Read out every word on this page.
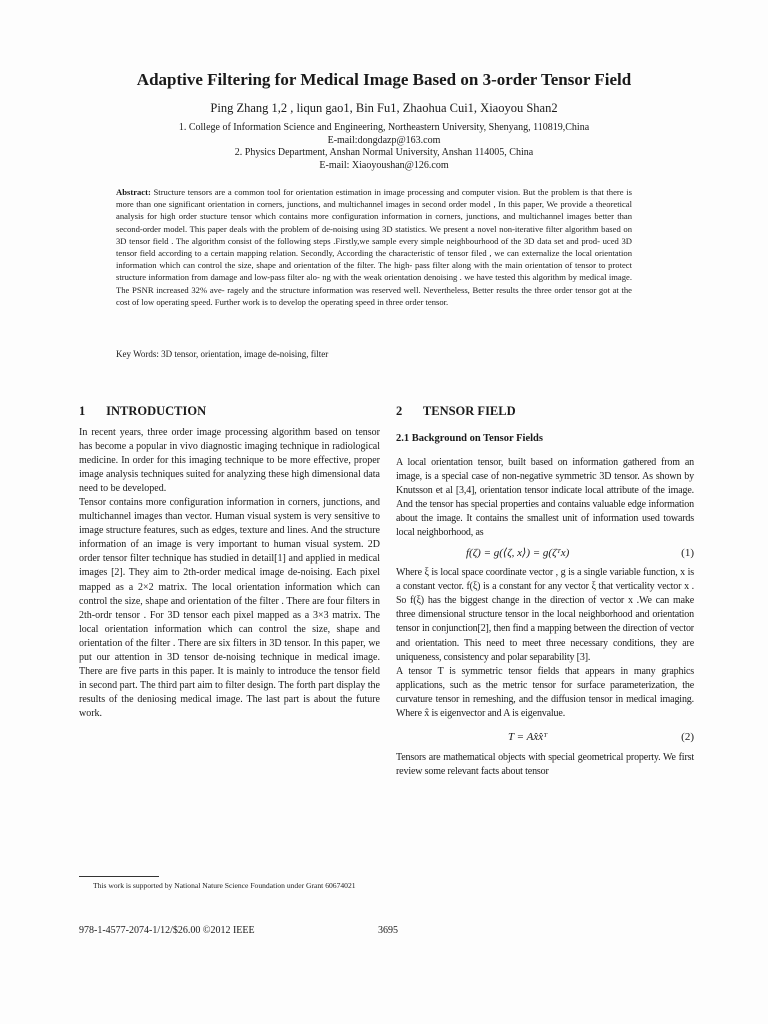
Adaptive Filtering for Medical Image Based on 3-order Tensor Field
Ping Zhang 1,2 , liqun gao1, Bin Fu1, Zhaohua Cui1, Xiaoyou Shan2
1. College of Information Science and Engineering, Northeastern University, Shenyang, 110819,China
E-mail:dongdazp@163.com
2. Physics Department, Anshan Normal University, Anshan 114005, China
E-mail: Xiaoyoushan@126.com
Abstract: Structure tensors are a common tool for orientation estimation in image processing and computer vision. But the problem is that there is more than one significant orientation in corners, junctions, and multichannel images in second order model , In this paper, We provide a theoretical analysis for high order stucture tensor which contains more configuration information in corners, junctions, and multichannel images better than second-order model. This paper deals with the problem of de-noising using 3D statistics. We present a novel non-iterative filter algorithm based on 3D tensor field . The algorithm consist of the following steps .Firstly,we sample every simple neighbourhood of the 3D data set and prod- uced 3D tensor field according to a certain mapping relation. Secondly, According the characteristic of tensor filed , we can externalize the local orientation information which can control the size, shape and orientation of the filter. The high- pass filter along with the main orientation of tensor to protect structure information from damage and low-pass filter alo- ng with the weak orientation denoising . we have tested this algorithm by medical image. The PSNR increased 32% ave- ragely and the structure information was reserved well. Nevertheless, Better results the three order tensor got at the cost of low operating speed. Further work is to develop the operating speed in three order tensor.
Key Words: 3D tensor, orientation, image de-noising, filter
1 INTRODUCTION

In recent years, three order image processing algorithm based on tensor has become a popular in vivo diagnostic imaging technique in radiological medicine. In order for this imaging technique to be more effective, proper image analysis techniques suited for analyzing these high dimensional data need to be developed.

Tensor contains more configuration information in corners, junctions, and multichannel images than vector. Human visual system is very sensitive to image structure features, such as edges, texture and lines. And the structure information of an image is very important to human visual system. 2D order tensor filter technique has studied in detail[1] and applied in medical images [2]. They aim to 2th-order medical image de-noising. Each pixel mapped as a 2×2 matrix. The local orientation information which can control the size, shape and orientation of the filter . There are four filters in 2th-ordr tensor . For 3D tensor each pixel mapped as a 3×3 matrix. The local orientation information which can control the size, shape and orientation of the filter . There are six filters in 3D tensor. In this paper, we put our attention in 3D tensor de-noising technique in medical image. There are five parts in this paper. It is mainly to introduce the tensor field in second part. The third part aim to filter design. The forth part display the results of the deniosing medical image. The last part is about the future work.

2 TENSOR FIELD
2.1 Background on Tensor Fields

A local orientation tensor, built based on information gathered from an image, is a special case of non-negative symmetric 3D tensor. As shown by Knutsson et al [3,4], orientation tensor indicate local attribute of the image. And the tensor has special properties and contains valuable edge information about the image. It contains the smallest unit of information used towards local neighborhood, as

f(ζ) = g(⟨ζ, x⟩) = g(ζᵀx)	(1)

Where ξ is local space coordinate vector , g is a single variable function, x is a constant vector. f(ξ) is a constant for any vector ξ that verticality vector x . So f(ξ) has the biggest change in the direction of vector x .We can make three dimensional structure tensor in the local neighborhood and orientation tensor in conjunction[2], then find a mapping between the direction of vector and orientation. This need to meet three necessary conditions, they are uniqueness, consistency and polar separability [3].

A tensor T is symmetric tensor fields that appears in many graphics applications, such as the metric tensor for surface parameterization, the curvature tensor in remeshing, and the diffusion tensor in medical imaging. Where x̂ is eigenvector and A is eigenvalue.

T = Ax̂x̂ᵀ	(2)

Tensors are mathematical objects with special geometrical property. We first review some relevant facts about tensor

This work is supported by National Nature Science Foundation under Grant 60674021
978-1-4577-2074-1/12/$26.00 ©2012 IEEE	3695
